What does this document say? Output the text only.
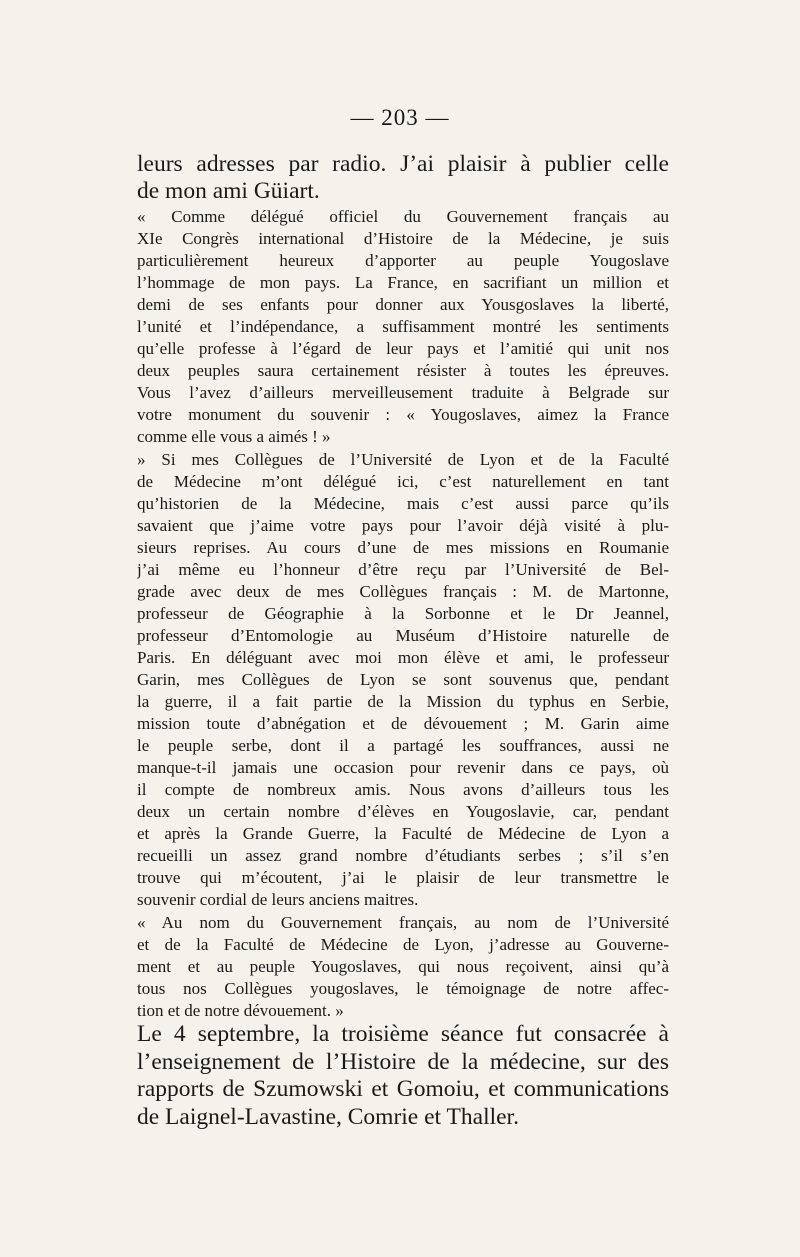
— 203 —
leurs adresses par radio. J’ai plaisir à publier celle
de mon ami Güiart.
« Comme délégué officiel du Gouvernement français au
XIe Congrès international d’Histoire de la Médecine, je suis
particulièrement heureux d’apporter au peuple Yougoslave
l’hommage de mon pays. La France, en sacrifiant un million et
demi de ses enfants pour donner aux Yousgoslaves la liberté,
l’unité et l’indépendance, a suffisamment montré les sentiments
qu’elle professe à l’égard de leur pays et l’amitié qui unit nos
deux peuples saura certainement résister à toutes les épreuves.
Vous l’avez d’ailleurs merveilleusement traduite à Belgrade sur
votre monument du souvenir : « Yougoslaves, aimez la France
comme elle vous a aimés ! »
» Si mes Collègues de l’Université de Lyon et de la Faculté
de Médecine m’ont délégué ici, c’est naturellement en tant
qu’historien de la Médecine, mais c’est aussi parce qu’ils
savaient que j’aime votre pays pour l’avoir déjà visité à plu-
sieurs reprises. Au cours d’une de mes missions en Roumanie
j’ai même eu l’honneur d’être reçu par l’Université de Bel-
grade avec deux de mes Collègues français : M. de Martonne,
professeur de Géographie à la Sorbonne et le Dr Jeannel,
professeur d’Entomologie au Muséum d’Histoire naturelle de
Paris. En déléguant avec moi mon élève et ami, le professeur
Garin, mes Collègues de Lyon se sont souvenus que, pendant
la guerre, il a fait partie de la Mission du typhus en Serbie,
mission toute d’abnégation et de dévouement ; M. Garin aime
le peuple serbe, dont il a partagé les souffrances, aussi ne
manque-t-il jamais une occasion pour revenir dans ce pays, où
il compte de nombreux amis. Nous avons d’ailleurs tous les
deux un certain nombre d’élèves en Yougoslavie, car, pendant
et après la Grande Guerre, la Faculté de Médecine de Lyon a
recueilli un assez grand nombre d’étudiants serbes ; s’il s’en
trouve qui m’écoutent, j’ai le plaisir de leur transmettre le
souvenir cordial de leurs anciens maitres.
« Au nom du Gouvernement français, au nom de l’Université
et de la Faculté de Médecine de Lyon, j’adresse au Gouverne-
ment et au peuple Yougoslaves, qui nous reçoivent, ainsi qu’à
tous nos Collègues yougoslaves, le témoignage de notre affec-
tion et de notre dévouement. »
Le 4 septembre, la troisième séance fut consacrée à
l’enseignement de l’Histoire de la médecine, sur des
rapports de Szumowski et Gomoiu, et communications
de Laignel-Lavastine, Comrie et Thaller.
